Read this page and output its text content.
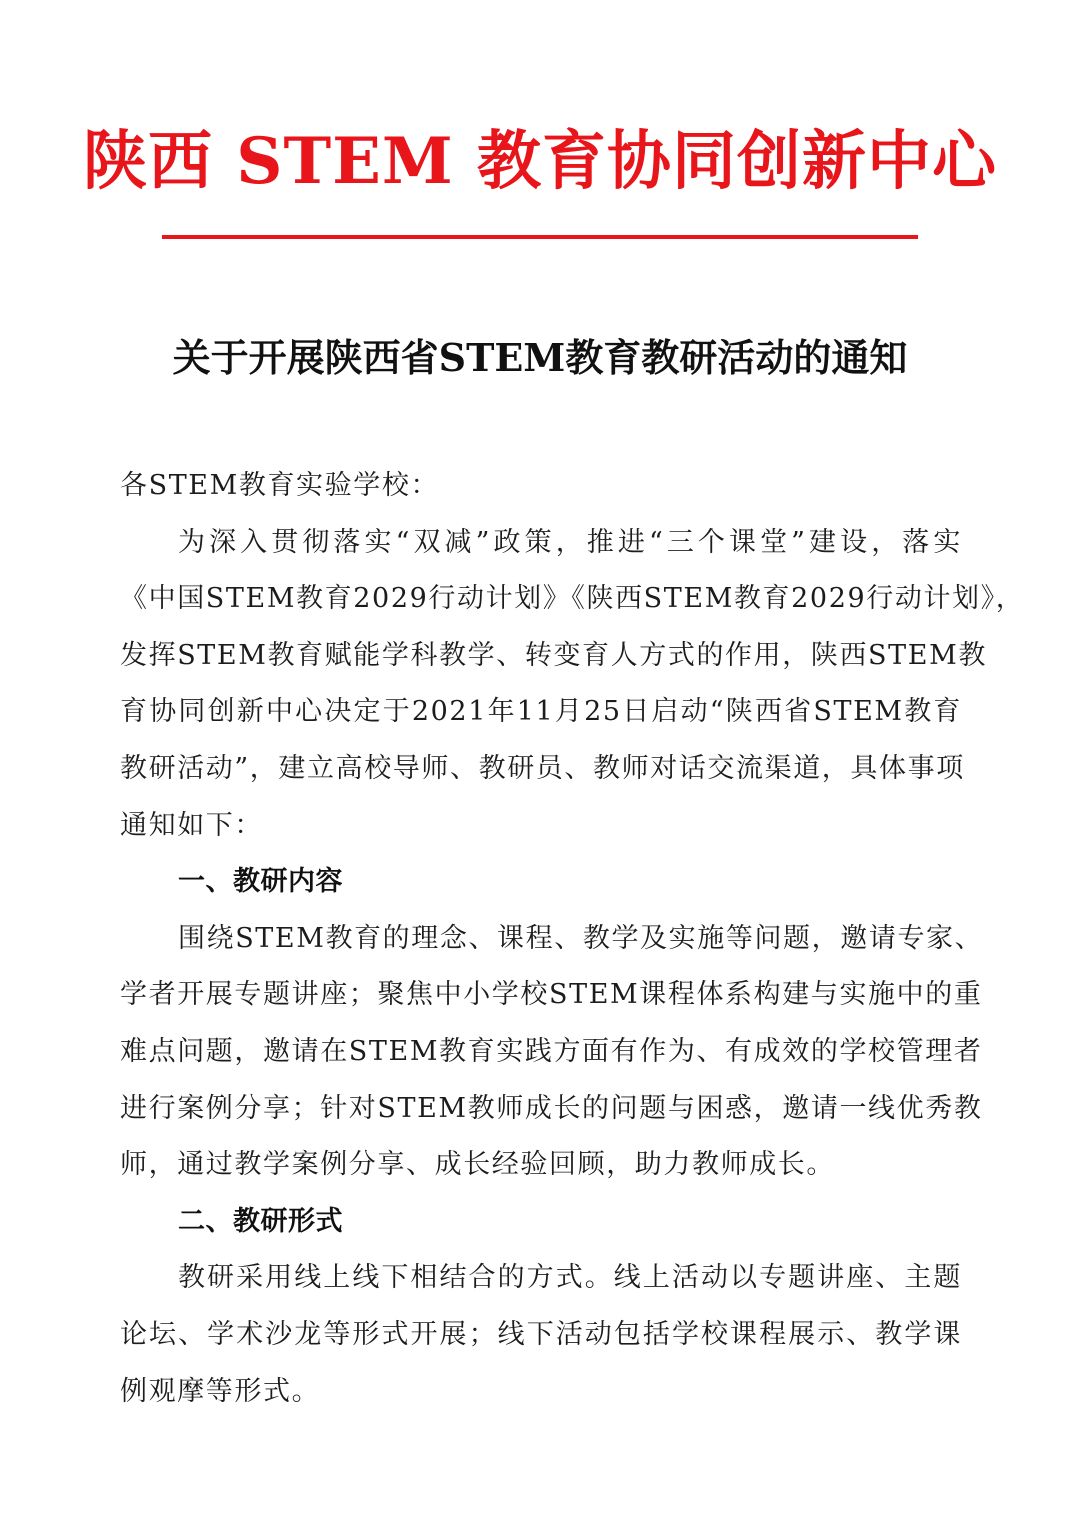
陕西 STEM 教育协同创新中心
关于开展陕西省STEM教育教研活动的通知
各STEM教育实验学校：
为深入贯彻落实“双减”政策，推进“三个课堂”建设，落实
《中国STEM教育2029行动计划》《陕西STEM教育2029行动计划》，
发挥STEM教育赋能学科教学、转变育人方式的作用，陕西STEM教
育协同创新中心决定于2021年11月25日启动“陕西省STEM教育
教研活动”，建立高校导师、教研员、教师对话交流渠道，具体事项
通知如下：
一、教研内容
围绕STEM教育的理念、课程、教学及实施等问题，邀请专家、
学者开展专题讲座；聚焦中小学校STEM课程体系构建与实施中的重
难点问题，邀请在STEM教育实践方面有作为、有成效的学校管理者
进行案例分享；针对STEM教师成长的问题与困惑，邀请一线优秀教
师，通过教学案例分享、成长经验回顾，助力教师成长。
二、教研形式
教研采用线上线下相结合的方式。线上活动以专题讲座、主题
论坛、学术沙龙等形式开展；线下活动包括学校课程展示、教学课
例观摩等形式。
